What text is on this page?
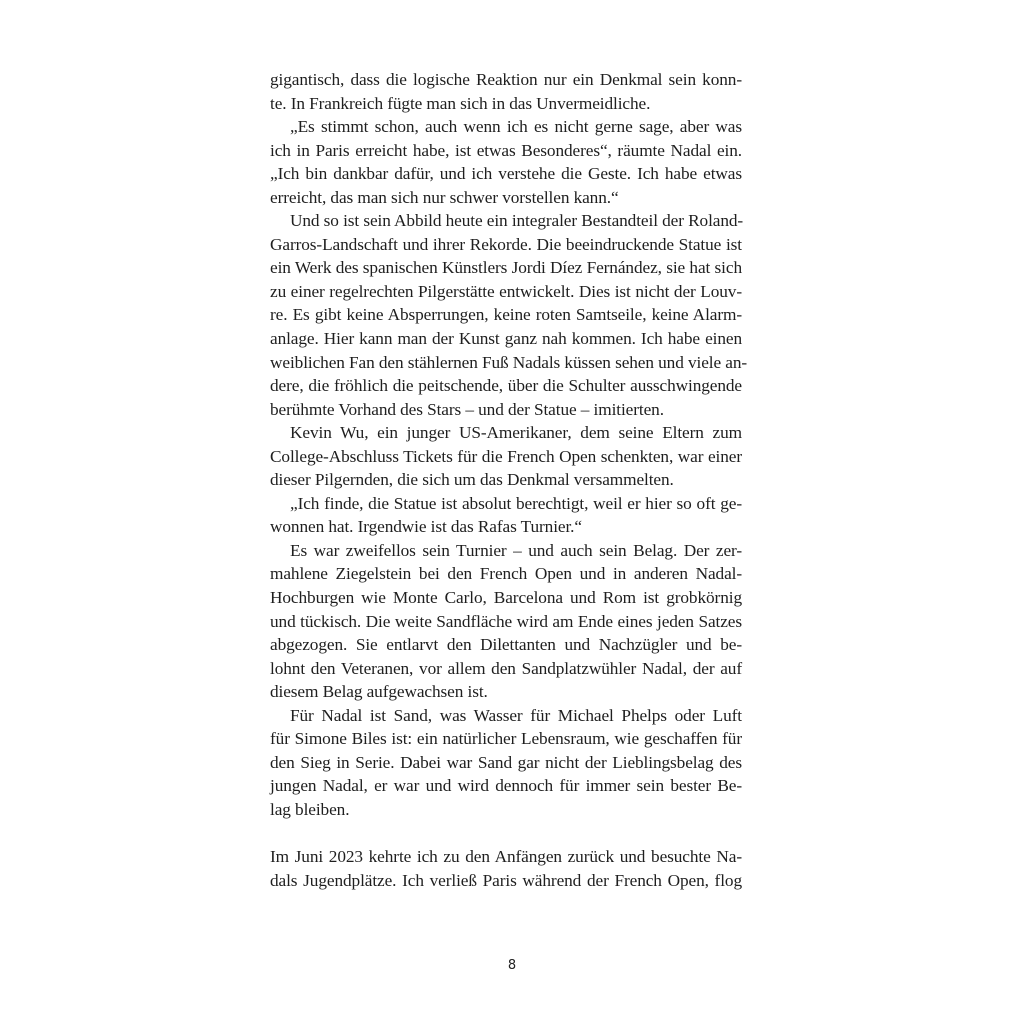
gigantisch, dass die logische Reaktion nur ein Denkmal sein konn-
te. In Frankreich fügte man sich in das Unvermeidliche.
„Es stimmt schon, auch wenn ich es nicht gerne sage, aber was
ich in Paris erreicht habe, ist etwas Besonderes“, räumte Nadal ein.
„Ich bin dankbar dafür, und ich verstehe die Geste. Ich habe etwas
erreicht, das man sich nur schwer vorstellen kann.“
Und so ist sein Abbild heute ein integraler Bestandteil der Roland-
Garros-Landschaft und ihrer Rekorde. Die beeindruckende Statue ist
ein Werk des spanischen Künstlers Jordi Díez Fernández, sie hat sich
zu einer regelrechten Pilgerstätte entwickelt. Dies ist nicht der Louv-
re. Es gibt keine Absperrungen, keine roten Samtseile, keine Alarm-
anlage. Hier kann man der Kunst ganz nah kommen. Ich habe einen
weiblichen Fan den stählernen Fuß Nadals küssen sehen und viele an-
dere, die fröhlich die peitschende, über die Schulter ausschwingende
berühmte Vorhand des Stars – und der Statue – imitierten.
Kevin Wu, ein junger US-Amerikaner, dem seine Eltern zum
College-Abschluss Tickets für die French Open schenkten, war einer
dieser Pilgernden, die sich um das Denkmal versammelten.
„Ich finde, die Statue ist absolut berechtigt, weil er hier so oft ge-
wonnen hat. Irgendwie ist das Rafas Turnier.“
Es war zweifellos sein Turnier – und auch sein Belag. Der zer-
mahlene Ziegelstein bei den French Open und in anderen Nadal-
Hochburgen wie Monte Carlo, Barcelona und Rom ist grobkörnig
und tückisch. Die weite Sandfläche wird am Ende eines jeden Satzes
abgezogen. Sie entlarvt den Dilettanten und Nachzügler und be-
lohnt den Veteranen, vor allem den Sandplatzwühler Nadal, der auf
diesem Belag aufgewachsen ist.
Für Nadal ist Sand, was Wasser für Michael Phelps oder Luft
für Simone Biles ist: ein natürlicher Lebensraum, wie geschaffen für
den Sieg in Serie. Dabei war Sand gar nicht der Lieblingsbelag des
jungen Nadal, er war und wird dennoch für immer sein bester Be-
lag bleiben.
Im Juni 2023 kehrte ich zu den Anfängen zurück und besuchte Na-
dals Jugendplätze. Ich verließ Paris während der French Open, flog
8
